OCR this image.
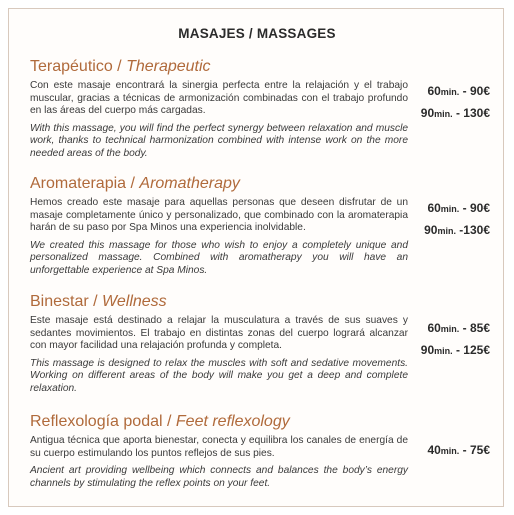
MASAJES / MASSAGES
Terapéutico / Therapeutic
Con este masaje encontrará la sinergia perfecta entre la relajación y el trabajo muscular, gracias a técnicas de armonización combinadas con el trabajo profundo en las áreas del cuerpo más cargadas.
With this massage, you will find the perfect synergy between relaxation and muscle work, thanks to technical harmonization combined with intense work on the more needed areas of the body.
60min. - 90€
90min. - 130€
Aromaterapia / Aromatherapy
Hemos creado este masaje para aquellas personas que deseen disfrutar de un masaje completamente único y personalizado, que combinado con la aromaterapia harán de su paso por Spa Minos una experiencia inolvidable.
We created this massage for those who wish to enjoy a completely unique and personalized massage. Combined with aromatherapy you will have an unforgettable experience at Spa Minos.
60min. - 90€
90min. -130€
Binestar / Wellness
Este masaje está destinado a relajar la musculatura a través de sus suaves y sedantes movimientos. El trabajo en distintas zonas del cuerpo logrará alcanzar con mayor facilidad una relajación profunda y completa.
This massage is designed to relax the muscles with soft and sedative movements. Working on different areas of the body will make you get a deep and complete relaxation.
60min. - 85€
90min. - 125€
Reflexología podal / Feet reflexology
Antigua técnica que aporta bienestar, conecta y equilibra los canales de energía de su cuerpo estimulando los puntos reflejos de sus pies.
Ancient art providing wellbeing which connects and balances the body’s energy channels by stimulating the reflex points on your feet.
40min. - 75€
